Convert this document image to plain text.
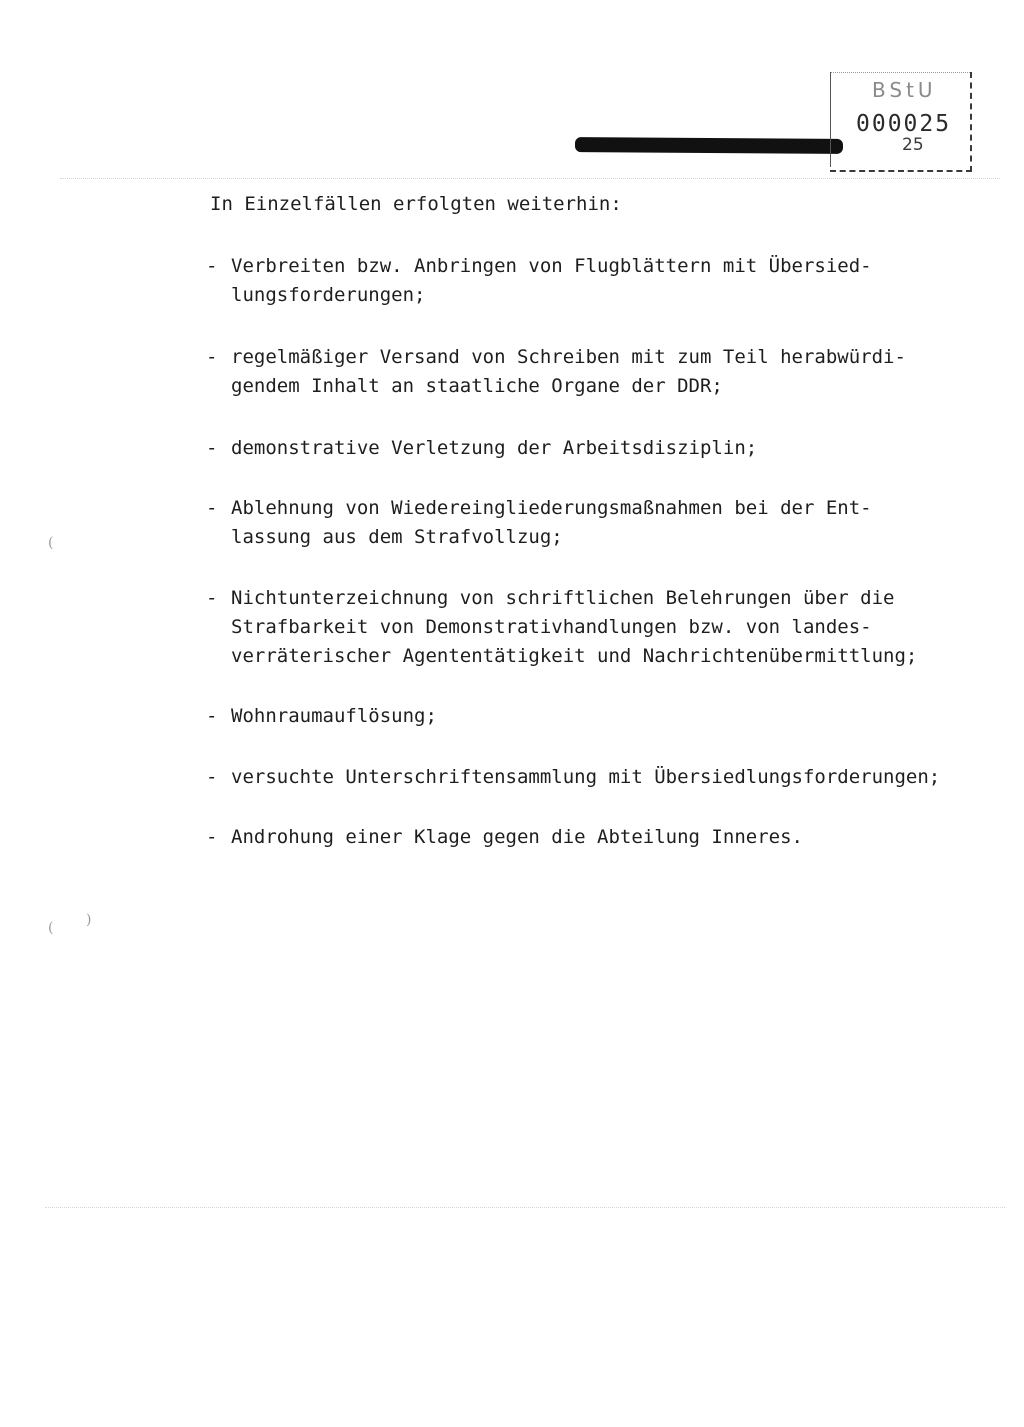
(
( )
BStU
000025
25
In Einzelfällen erfolgten weiterhin:
- Verbreiten bzw. Anbringen von Flugblättern mit Übersied-
lungsforderungen;
- regelmäßiger Versand von Schreiben mit zum Teil herabwürdi-
gendem Inhalt an staatliche Organe der DDR;
- demonstrative Verletzung der Arbeitsdisziplin;
- Ablehnung von Wiedereingliederungsmaßnahmen bei der Ent-
lassung aus dem Strafvollzug;
- Nichtunterzeichnung von schriftlichen Belehrungen über die
Strafbarkeit von Demonstrativhandlungen bzw. von landes-
verräterischer Agententätigkeit und Nachrichtenübermittlung;
- Wohnraumauflösung;
- versuchte Unterschriftensammlung mit Übersiedlungsforderungen;
- Androhung einer Klage gegen die Abteilung Inneres.
